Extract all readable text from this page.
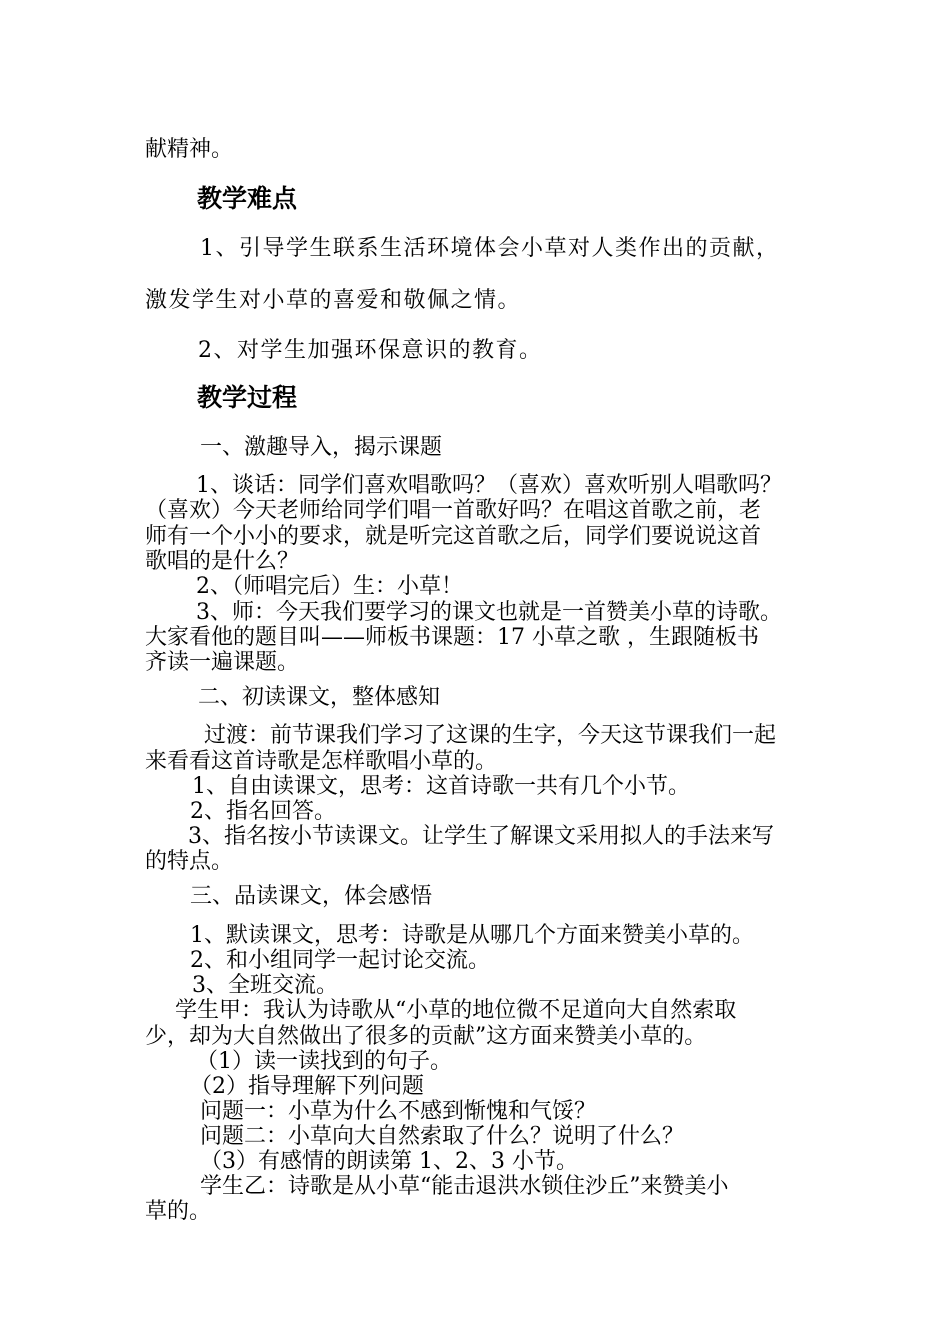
献精神。
教学难点
1、引导学生联系生活环境体会小草对人类作出的贡献，
激发学生对小草的喜爱和敬佩之情。
2、对学生加强环保意识的教育。
教学过程
一、激趣导入，揭示课题
1、谈话：同学们喜欢唱歌吗？（喜欢）喜欢听别人唱歌吗？
（喜欢）今天老师给同学们唱一首歌好吗？在唱这首歌之前，老
师有一个小小的要求，就是听完这首歌之后，同学们要说说这首
歌唱的是什么？
2、（师唱完后）生：小草！
3、师：今天我们要学习的课文也就是一首赞美小草的诗歌。
大家看他的题目叫——师板书课题：17 小草之歌 ，生跟随板书
齐读一遍课题。
二、初读课文，整体感知
过渡：前节课我们学习了这课的生字，今天这节课我们一起
来看看这首诗歌是怎样歌唱小草的。
1、自由读课文，思考：这首诗歌一共有几个小节。
2、指名回答。
3、指名按小节读课文。让学生了解课文采用拟人的手法来写
的特点。
三、品读课文，体会感悟
1、默读课文，思考：诗歌是从哪几个方面来赞美小草的。
2、和小组同学一起讨论交流。
3、全班交流。
学生甲：我认为诗歌从“小草的地位微不足道向大自然索取
少，却为大自然做出了很多的贡献”这方面来赞美小草的。
（1）读一读找到的句子。
（2）指导理解下列问题
问题一：小草为什么不感到惭愧和气馁？
问题二：小草向大自然索取了什么？说明了什么？
（3）有感情的朗读第 1、2、3 小节。
学生乙：诗歌是从小草“能击退洪水锁住沙丘”来赞美小
草的。
